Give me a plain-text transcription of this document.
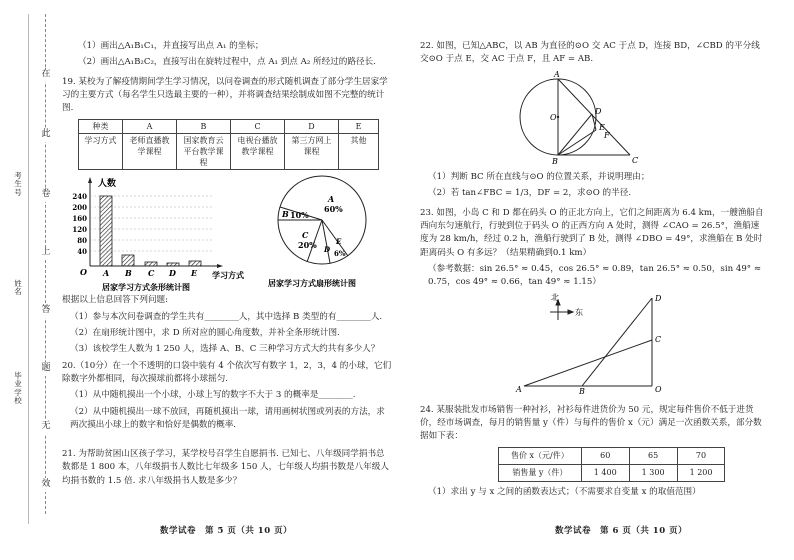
在
此
卷
上
答
题
无
效
考生号
姓名
毕业学校

（1）画出△A₁B₁C₁，并直接写出点 A₁ 的坐标；

（2）画出△A₁B₂C₂，直接写出在旋转过程中，点 A₁ 到点 A₂ 所经过的路径长.

19. 某校为了解疫情期间学生学习情况，以问卷调查的形式随机调查了部分学生居家学习的主要方式（每名学生只选最主要的一种），并将调查结果绘制成如图不完整的统计图.

种类	A	B	C	D	E
学习方式	老师直播教学课程	国家教育云平台教学课程	电视台播放教学课程	第三方网上课程	其他
人数
240
200
160
120
80
40
O A B C D E 学习方式
居家学习方式条形统计图
A
60%
B 10%
C
20% D
E
6%
居家学习方式扇形统计图

根据以上信息回答下列问题:

（1）参与本次问卷调查的学生共有________人，其中选择 B 类型的有________人.

（2）在扇形统计图中，求 D 所对应的圆心角度数，并补全条形统计图.

（3）该校学生人数为 1 250 人，选择 A、B、C 三种学习方式大约共有多少人？

20.（10分）在一个不透明的口袋中装有 4 个依次写有数字 1，2，3，4 的小球，它们除数字外都相同，每次摸球前都将小球摇匀.

（1）从中随机摸出一个小球，小球上写的数字不大于 3 的概率是________.

（2）从中随机摸出一球不放回，再随机摸出一球，请用画树状图或列表的方法，求两次摸出小球上的数字和恰好是偶数的概率.

21. 为帮助贫困山区孩子学习，某学校号召学生自愿捐书. 已知七、八年级同学捐书总数都是 1 800 本，八年级捐书人数比七年级多 150 人，七年级人均捐书数是八年级人均捐书数的 1.5 倍. 求八年级捐书人数是多少？

数学试卷　第 5 页（共 10 页）

22. 如图，已知△ABC，以 AB 为直径的⊙O 交 AC 于点 D，连接 BD，∠CBD 的平分线交⊙O 于点 E，交 AC 于点 F，且 AF = AB.

A
O
D
E
F
B	C

（1）判断 BC 所在直线与⊙O 的位置关系，并说明理由；

（2）若 tan∠FBC = 1/3，DF = 2，求⊙O 的半径.

23. 如图，小岛 C 和 D 都在码头 O 的正北方向上，它们之间距离为 6.4 km，一艘渔船自西向东匀速航行，行驶到位于码头 O 的正西方向 A 处时，测得 ∠CAO = 26.5°，渔船速度为 28 km/h，经过 0.2 h，渔船行驶到了 B 处，测得 ∠DBO = 49°，求渔船在 B 处时距离码头 O 有多远？（结果精确到0.1 km）

（参考数据：sin 26.5° ≈ 0.45，cos 26.5° ≈ 0.89，tan 26.5° ≈ 0.50，sin 49° ≈ 0.75，cos 49° ≈ 0.66，tan 49° ≈ 1.15）

北
东
D
C
A	B	O

24. 某服装批发市场销售一种衬衫，衬衫每件进货价为 50 元，规定每件售价不低于进货价，经市场调查，每月的销售量 y（件）与每件的售价 x（元）满足一次函数关系，部分数据如下表：

售价 x（元/件）	60	65	70
销售量 y（件）	1 400	1 300	1 200

（1）求出 y 与 x 之间的函数表达式；（不需要求自变量 x 的取值范围）

数学试卷　第 6 页（共 10 页）
